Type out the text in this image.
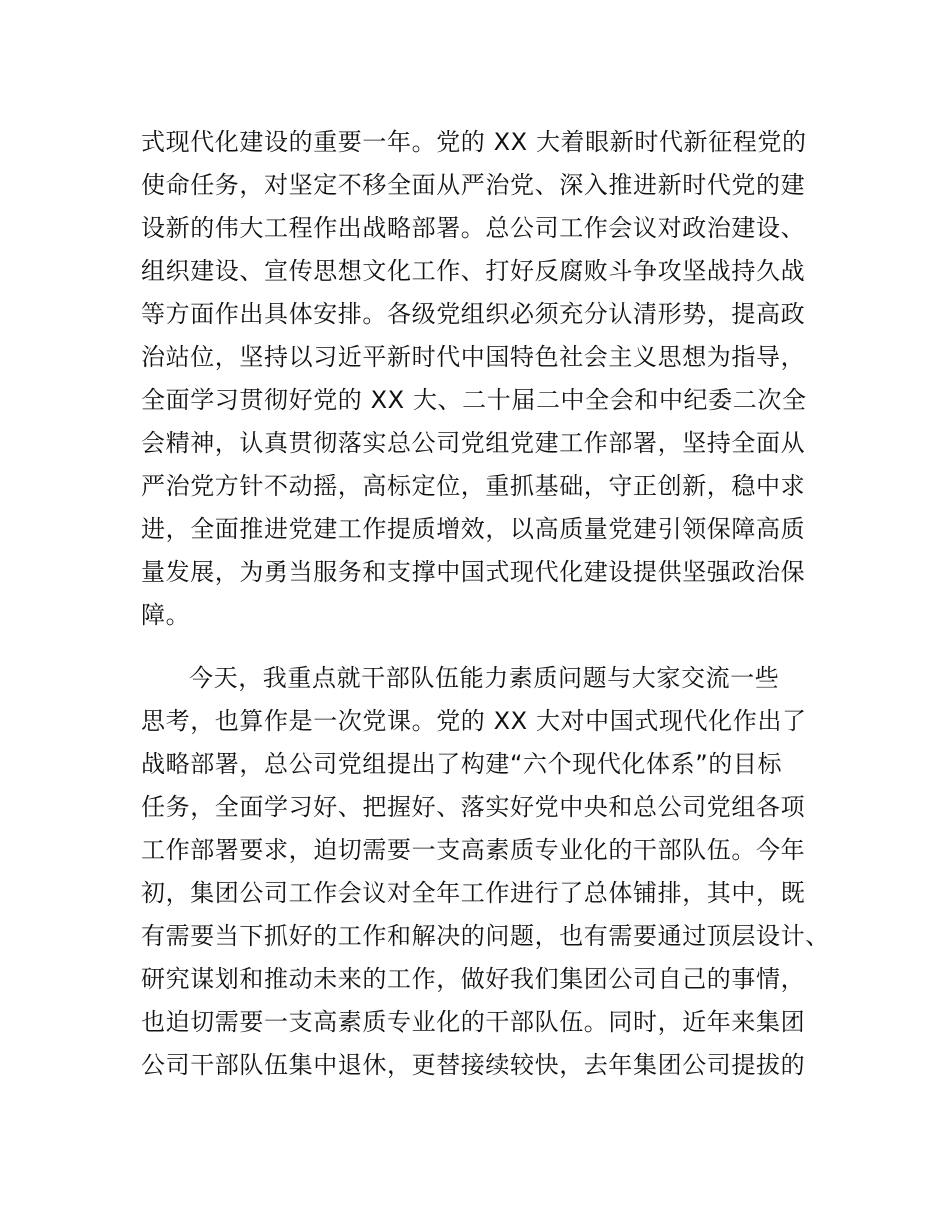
式现代化建设的重要一年。党的 XX 大着眼新时代新征程党的
使命任务，对坚定不移全面从严治党、深入推进新时代党的建
设新的伟大工程作出战略部署。总公司工作会议对政治建设、
组织建设、宣传思想文化工作、打好反腐败斗争攻坚战持久战
等方面作出具体安排。各级党组织必须充分认清形势，提高政
治站位，坚持以习近平新时代中国特色社会主义思想为指导，
全面学习贯彻好党的 XX 大、二十届二中全会和中纪委二次全
会精神，认真贯彻落实总公司党组党建工作部署，坚持全面从
严治党方针不动摇，高标定位，重抓基础，守正创新，稳中求
进，全面推进党建工作提质增效，以高质量党建引领保障高质
量发展，为勇当服务和支撑中国式现代化建设提供坚强政治保
障。
今天，我重点就干部队伍能力素质问题与大家交流一些
思考，也算作是一次党课。党的 XX 大对中国式现代化作出了
战略部署，总公司党组提出了构建“六个现代化体系”的目标
任务，全面学习好、把握好、落实好党中央和总公司党组各项
工作部署要求，迫切需要一支高素质专业化的干部队伍。今年
初，集团公司工作会议对全年工作进行了总体铺排，其中，既
有需要当下抓好的工作和解决的问题，也有需要通过顶层设计、
研究谋划和推动未来的工作，做好我们集团公司自己的事情，
也迫切需要一支高素质专业化的干部队伍。同时，近年来集团
公司干部队伍集中退休，更替接续较快，去年集团公司提拔的
